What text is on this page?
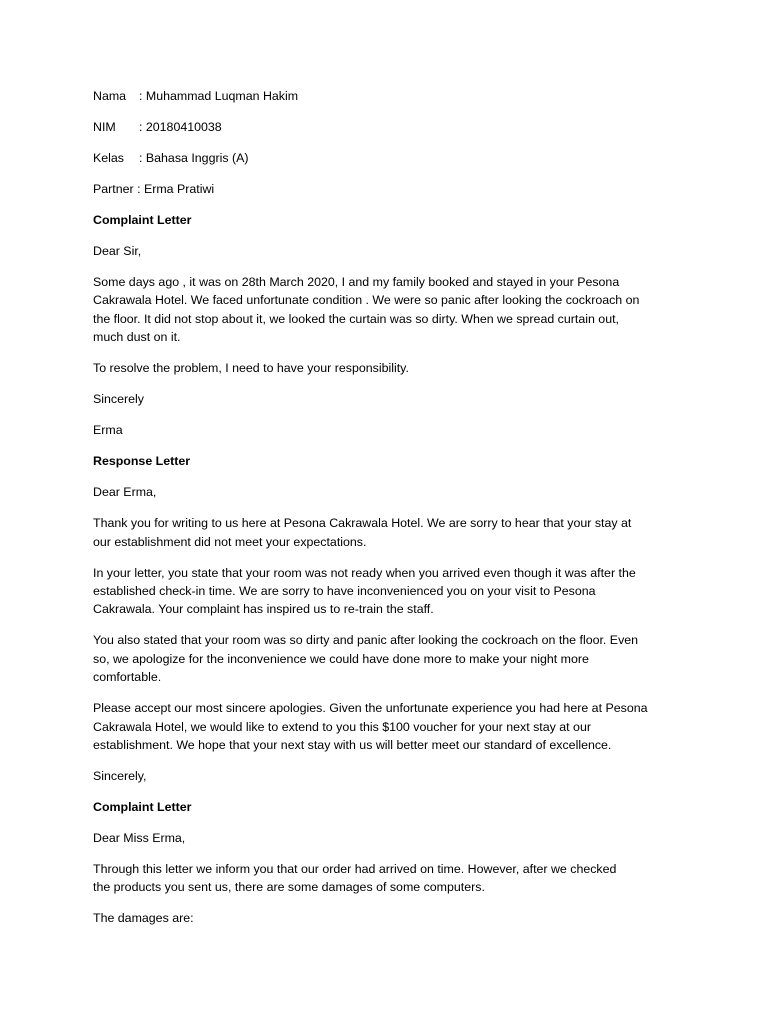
Nama	: Muhammad Luqman Hakim
NIM	: 20180410038
Kelas	: Bahasa Inggris (A)
Partner : Erma Pratiwi
Complaint Letter
Dear Sir,
Some days ago , it was on 28th March 2020, I and my family booked and stayed in your Pesona
Cakrawala Hotel. We faced unfortunate condition . We were so panic after looking the cockroach on
the floor. It did not stop about it, we looked the curtain was so dirty. When we spread curtain out,
much dust on it.
To resolve the problem, I need to have your responsibility.
Sincerely
Erma
Response Letter
Dear Erma,
Thank you for writing to us here at Pesona Cakrawala Hotel. We are sorry to hear that your stay at
our establishment did not meet your expectations.
In your letter, you state that your room was not ready when you arrived even though it was after the
established check-in time. We are sorry to have inconvenienced you on your visit to Pesona
Cakrawala. Your complaint has inspired us to re-train the staff.
You also stated that your room was so dirty and panic after looking the cockroach on the floor. Even
so, we apologize for the inconvenience we could have done more to make your night more
comfortable.
Please accept our most sincere apologies. Given the unfortunate experience you had here at Pesona
Cakrawala Hotel, we would like to extend to you this $100 voucher for your next stay at our
establishment. We hope that your next stay with us will better meet our standard of excellence.
Sincerely,
Complaint Letter
Dear Miss Erma,
Through this letter we inform you that our order had arrived on time. However, after we checked
the products you sent us, there are some damages of some computers.
The damages are:
